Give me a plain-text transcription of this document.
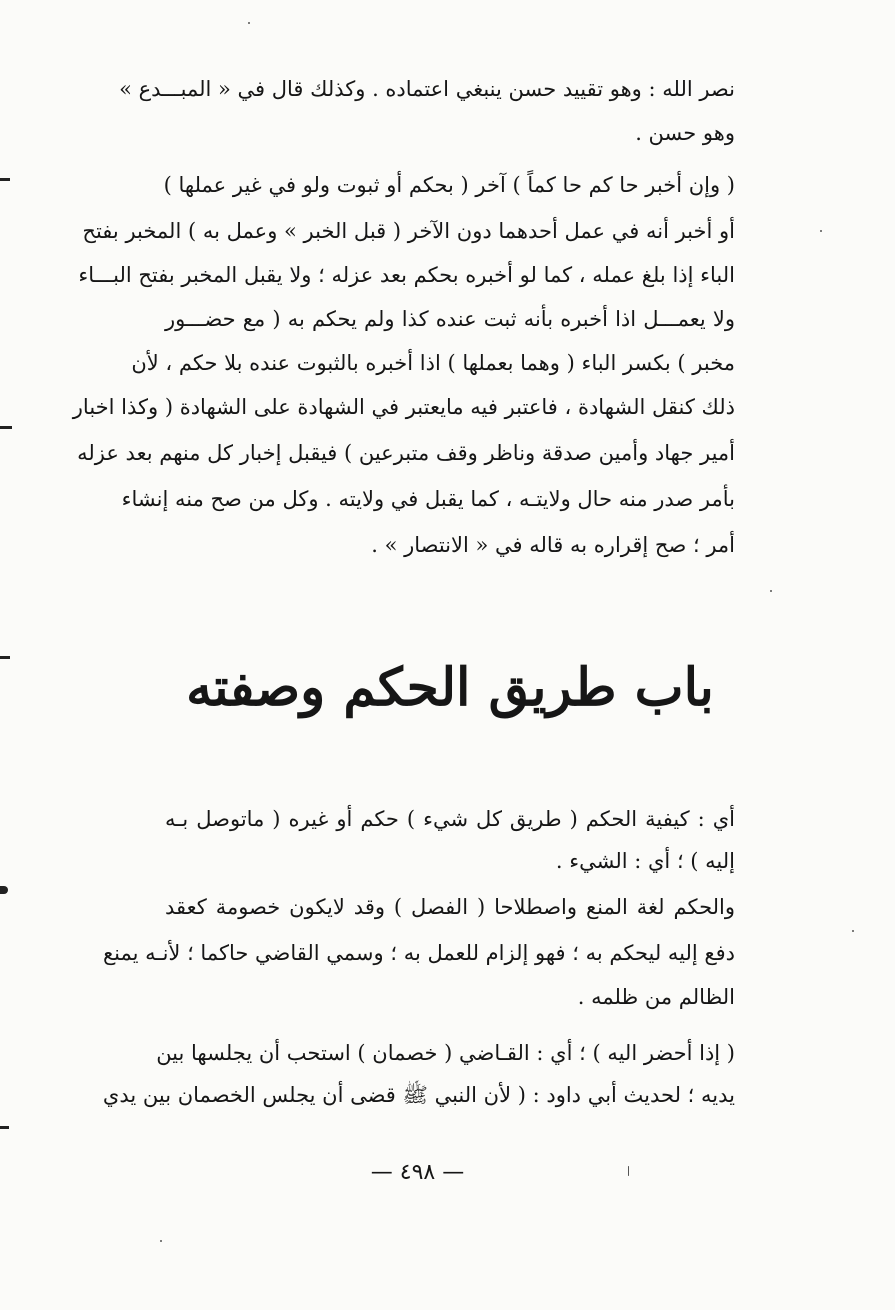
نصر الله : وهو تقييد حسن ينبغي اعتماده . وكذلك قال في « المبـــدع »
وهو حسن .
( وإن أخبر حا كم حا كماً ) آخر ( بحكم أو ثبوت ولو في غير عملها )
أو أخبر أنه في عمل أحدهما دون الآخر ( قبل الخبر » وعمل به ) المخبر بفتح
الباء إذا بلغ عمله ، كما لو أخبره بحكم بعد عزله ؛ ولا يقبل المخبر بفتح البـــاء
ولا يعمـــل اذا أخبره بأنه ثبت عنده كذا ولم يحكم به ( مع حضـــور
مخبر ) بكسر الباء ( وهما بعملها ) اذا أخبره بالثبوت عنده بلا حكم ، لأن
ذلك كنقل الشهادة ، فاعتبر فيه مايعتبر في الشهادة على الشهادة ( وكذا اخبار
أمير جهاد وأمين صدقة وناظر وقف متبرعين ) فيقبل إخبار كل منهم بعد عزله
بأمر صدر منه حال ولايتـه ، كما يقبل في ولايته . وكل من صح منه إنشاء
أمر ؛ صح إقراره به قاله في « الانتصار » .
باب طريق الحكم وصفته
أي : كيفية الحكم ( طريق كل شيء ) حكم أو غيره ( ماتوصل بـه
إليه ) ؛ أي : الشيء .
والحكم لغة المنع واصطلاحا ( الفصل ) وقد لايكون خصومة كعقد
دفع إليه ليحكم به ؛ فهو إلزام للعمل به ؛ وسمي القاضي حاكما ؛ لأنـه يمنع
الظالم من ظلمه .
( إذا أحضر اليه ) ؛ أي : القـاضي ( خصمان ) استحب أن يجلسها بين
يديه ؛ لحديث أبي داود : ( لأن النبي ﷺ قضى أن يجلس الخصمان بين يدي
— ٤٩٨ —
